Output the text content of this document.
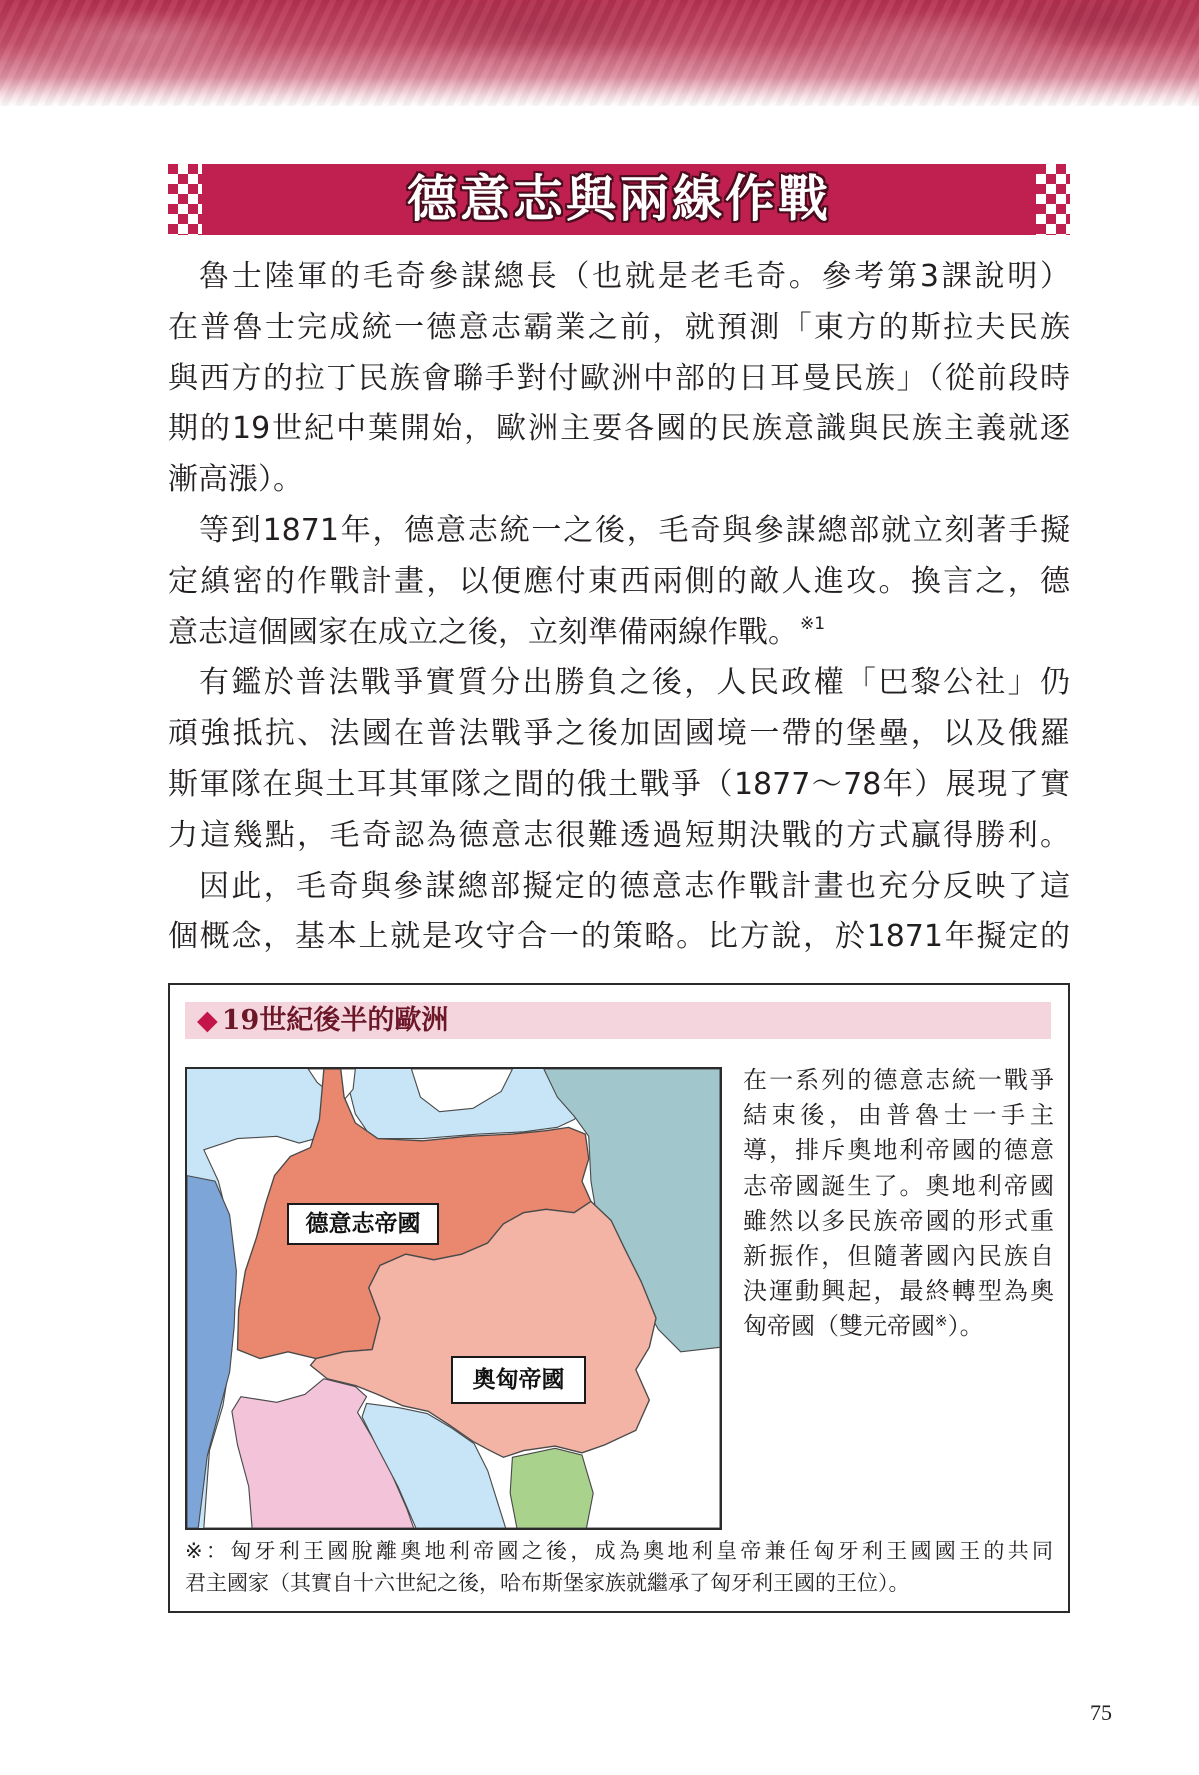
德意志與兩線作戰

魯士陸軍的毛奇參謀總長（也就是老毛奇。參考第3課說明）
在普魯士完成統一德意志霸業之前，就預測「東方的斯拉夫民族
與西方的拉丁民族會聯手對付歐洲中部的日耳曼民族」（從前段時
期的19世紀中葉開始，歐洲主要各國的民族意識與民族主義就逐
漸高漲）。

等到1871年，德意志統一之後，毛奇與參謀總部就立刻著手擬
定縝密的作戰計畫，以便應付東西兩側的敵人進攻。換言之，德
意志這個國家在成立之後，立刻準備兩線作戰。 $^{※1}$

有鑑於普法戰爭實質分出勝負之後，人民政權「巴黎公社」仍
頑強抵抗、法國在普法戰爭之後加固國境一帶的堡壘，以及俄羅
斯軍隊在與土耳其軍隊之間的俄土戰爭（1877～78年）展現了實
力這幾點，毛奇認為德意志很難透過短期決戰的方式贏得勝利。

因此，毛奇與參謀總部擬定的德意志作戰計畫也充分反映了這
個概念，基本上就是攻守合一的策略。比方說，於1871年擬定的

◆ 19世紀後半的歐洲
德意志帝國
奧匈帝國
在一系列的德意志統一戰爭
結束後，由普魯士一手主
導，排斥奧地利帝國的德意
志帝國誕生了。奧地利帝國
雖然以多民族帝國的形式重
新振作，但隨著國內民族自
決運動興起，最終轉型為奧
匈帝國（雙元帝國※）。
※：匈牙利王國脫離奧地利帝國之後，成為奧地利皇帝兼任匈牙利王國國王的共同
君主國家（其實自十六世紀之後，哈布斯堡家族就繼承了匈牙利王國的王位）。
75
